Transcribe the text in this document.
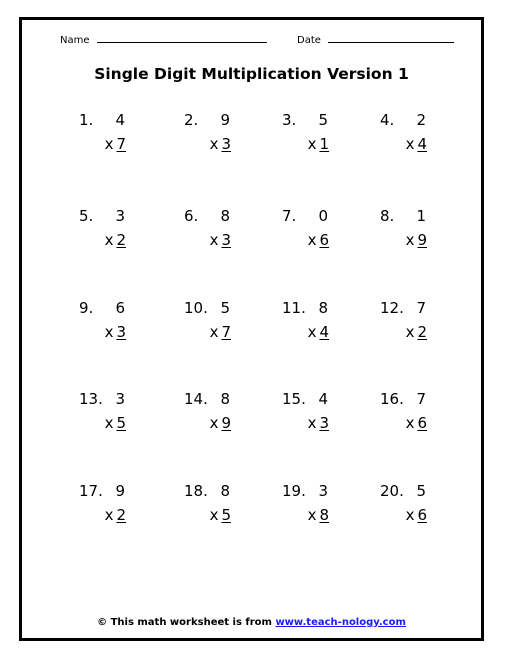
Name	Date
Single Digit Multiplication Version 1
1. 4
x 7
2. 9
x 3
3. 5
x 1
4. 2
x 4
5. 3
x 2
6. 8
x 3
7. 0
x 6
8. 1
x 9
9. 6
x 3
10. 5
x 7
11. 8
x 4
12. 7
x 2
13. 3
x 5
14. 8
x 9
15. 4
x 3
16. 7
x 6
17. 9
x 2
18. 8
x 5
19. 3
x 8
20. 5
x 6
© This math worksheet is from www.teach-nology.com
